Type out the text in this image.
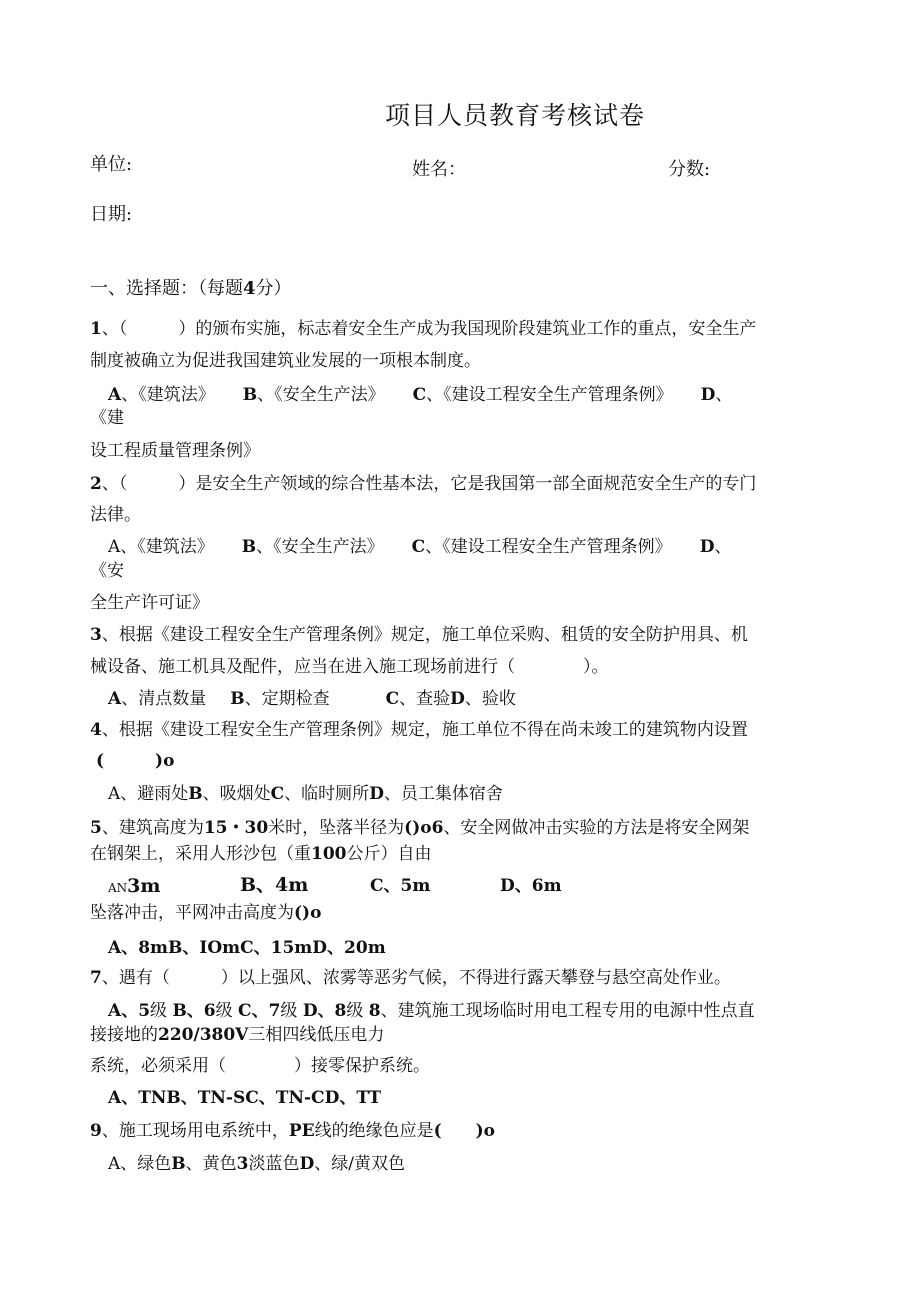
项目人员教育考核试卷
单位:	姓名：	分数:
日期:
一、选择题：（每题4分）
1、（　　　）的颁布实施，标志着安全生产成为我国现阶段建筑业工作的重点，安全生产
制度被确立为促进我国建筑业发展的一项根本制度。
A、《建筑法》 B、《安全生产法》 C、《建设工程安全生产管理条例》 D、
《建
设工程质量管理条例》
2、（　　　）是安全生产领域的综合性基本法，它是我国第一部全面规范安全生产的专门
法律。
A、《建筑法》 B、《安全生产法》 C、《建设工程安全生产管理条例》 D、
《安
全生产许可证》
3、根据《建设工程安全生产管理条例》规定，施工单位采购、租赁的安全防护用具、机
械设备、施工机具及配件，应当在进入施工现场前进行（　　　　）。
A、清点数量 B、定期检查	C、查验D、验收
4、根据《建设工程安全生产管理条例》规定，施工单位不得在尚未竣工的建筑物内设置
(　　　)o
A、避雨处B、吸烟处C、临时厕所D、员工集体宿舍
5、建筑高度为15・30米时，坠落半径为()o6、安全网做冲击实验的方法是将安全网架
在钢架上，采用人形沙包（重100公斤）自由
AN3m	B、4m	C、5m	D、6m
坠落冲击，平网冲击高度为()o
A、8mB、IOmC、15mD、20m
7、遇有（　　　）以上强风、浓雾等恶劣气候，不得进行露天攀登与悬空高处作业。
A、5级 B、6级 C、7级 D、8级 8、建筑施工现场临时用电工程专用的电源中性点直
接接地的220/380V三相四线低压电力
系统，必须采用（　　　　）接零保护系统。
A、TNB、TN-SC、TN-CD、TT
9、施工现场用电系统中，PE线的绝缘色应是(　　)o
A、绿色B、黄色3淡蓝色D、绿/黄双色
